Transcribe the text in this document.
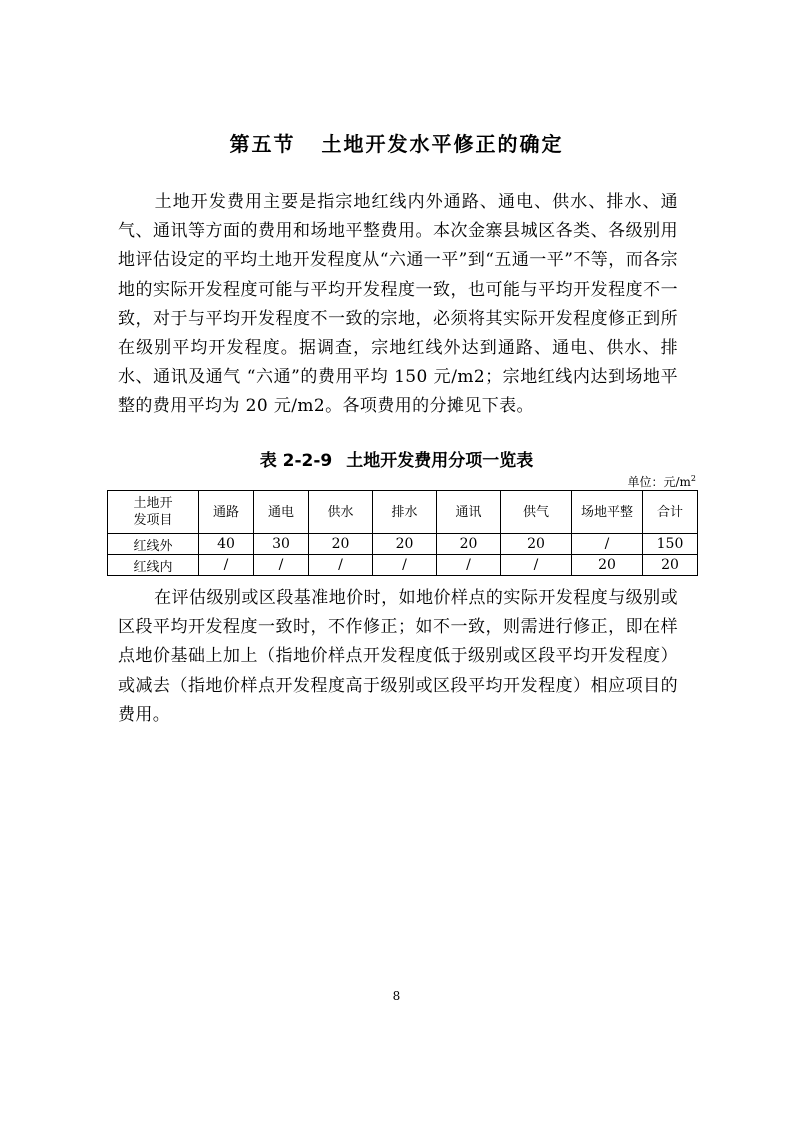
第五节 土地开发水平修正的确定

土地开发费用主要是指宗地红线内外通路、通电、供水、排水、通气、通讯等方面的费用和场地平整费用。本次金寨县城区各类、各级别用地评估设定的平均土地开发程度从“六通一平”到“五通一平”不等，而各宗地的实际开发程度可能与平均开发程度一致，也可能与平均开发程度不一致，对于与平均开发程度不一致的宗地，必须将其实际开发程度修正到所在级别平均开发程度。据调查，宗地红线外达到通路、通电、供水、排水、通讯及通气 “六通”的费用平均 150 元/m2；宗地红线内达到场地平整的费用平均为 20 元/m2。各项费用的分摊见下表。

表 2-2-9 土地开发费用分项一览表
单位：元$/m^2$
土地开
发项目	通路	通电	供水	排水	通讯	供气	场地平整	合计
红线外	40	30	20	20	20	20	/	150
红线内	/	/	/	/	/	/	20	20

在评估级别或区段基准地价时，如地价样点的实际开发程度与级别或区段平均开发程度一致时，不作修正；如不一致，则需进行修正，即在样点地价基础上加上（指地价样点开发程度低于级别或区段平均开发程度）或减去（指地价样点开发程度高于级别或区段平均开发程度）相应项目的费用。

8
